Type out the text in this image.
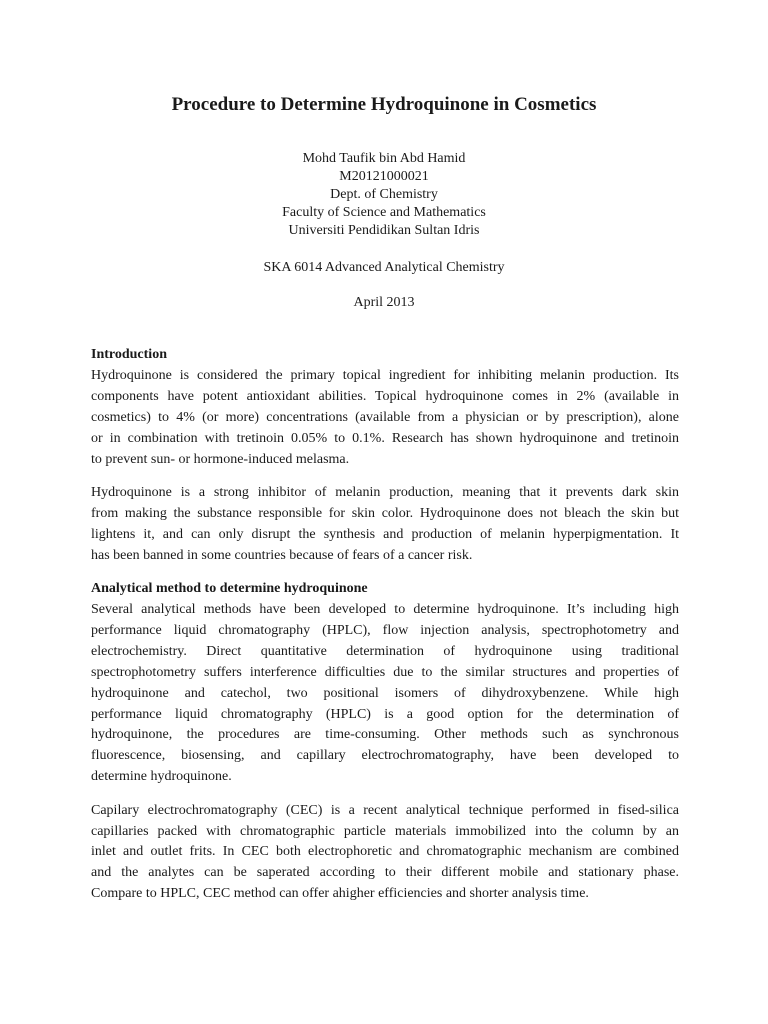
Procedure to Determine Hydroquinone in Cosmetics
Mohd Taufik bin Abd Hamid
M20121000021
Dept. of Chemistry
Faculty of Science and Mathematics
Universiti Pendidikan Sultan Idris
SKA 6014 Advanced Analytical Chemistry
April 2013
Introduction

Hydroquinone is considered the primary topical ingredient for inhibiting melanin production. Its
components have potent antioxidant abilities. Topical hydroquinone comes in 2% (available in
cosmetics) to 4% (or more) concentrations (available from a physician or by prescription), alone
or in combination with tretinoin 0.05% to 0.1%. Research has shown hydroquinone and tretinoin
to prevent sun- or hormone-induced melasma.

Hydroquinone is a strong inhibitor of melanin production, meaning that it prevents dark skin
from making the substance responsible for skin color. Hydroquinone does not bleach the skin but
lightens it, and can only disrupt the synthesis and production of melanin hyperpigmentation. It
has been banned in some countries because of fears of a cancer risk.

Analytical method to determine hydroquinone

Several analytical methods have been developed to determine hydroquinone. It’s including high
performance liquid chromatography (HPLC), flow injection analysis, spectrophotometry and
electrochemistry. Direct quantitative determination of hydroquinone using traditional
spectrophotometry suffers interference difficulties due to the similar structures and properties of
hydroquinone and catechol, two positional isomers of dihydroxybenzene. While high
performance liquid chromatography (HPLC) is a good option for the determination of
hydroquinone, the procedures are time-consuming. Other methods such as synchronous
fluorescence, biosensing, and capillary electrochromatography, have been developed to
determine hydroquinone.

Capilary electrochromatography (CEC) is a recent analytical technique performed in fised-silica
capillaries packed with chromatographic particle materials immobilized into the column by an
inlet and outlet frits. In CEC both electrophoretic and chromatographic mechanism are combined
and the analytes can be saperated according to their different mobile and stationary phase.
Compare to HPLC, CEC method can offer ahigher efficiencies and shorter analysis time.
